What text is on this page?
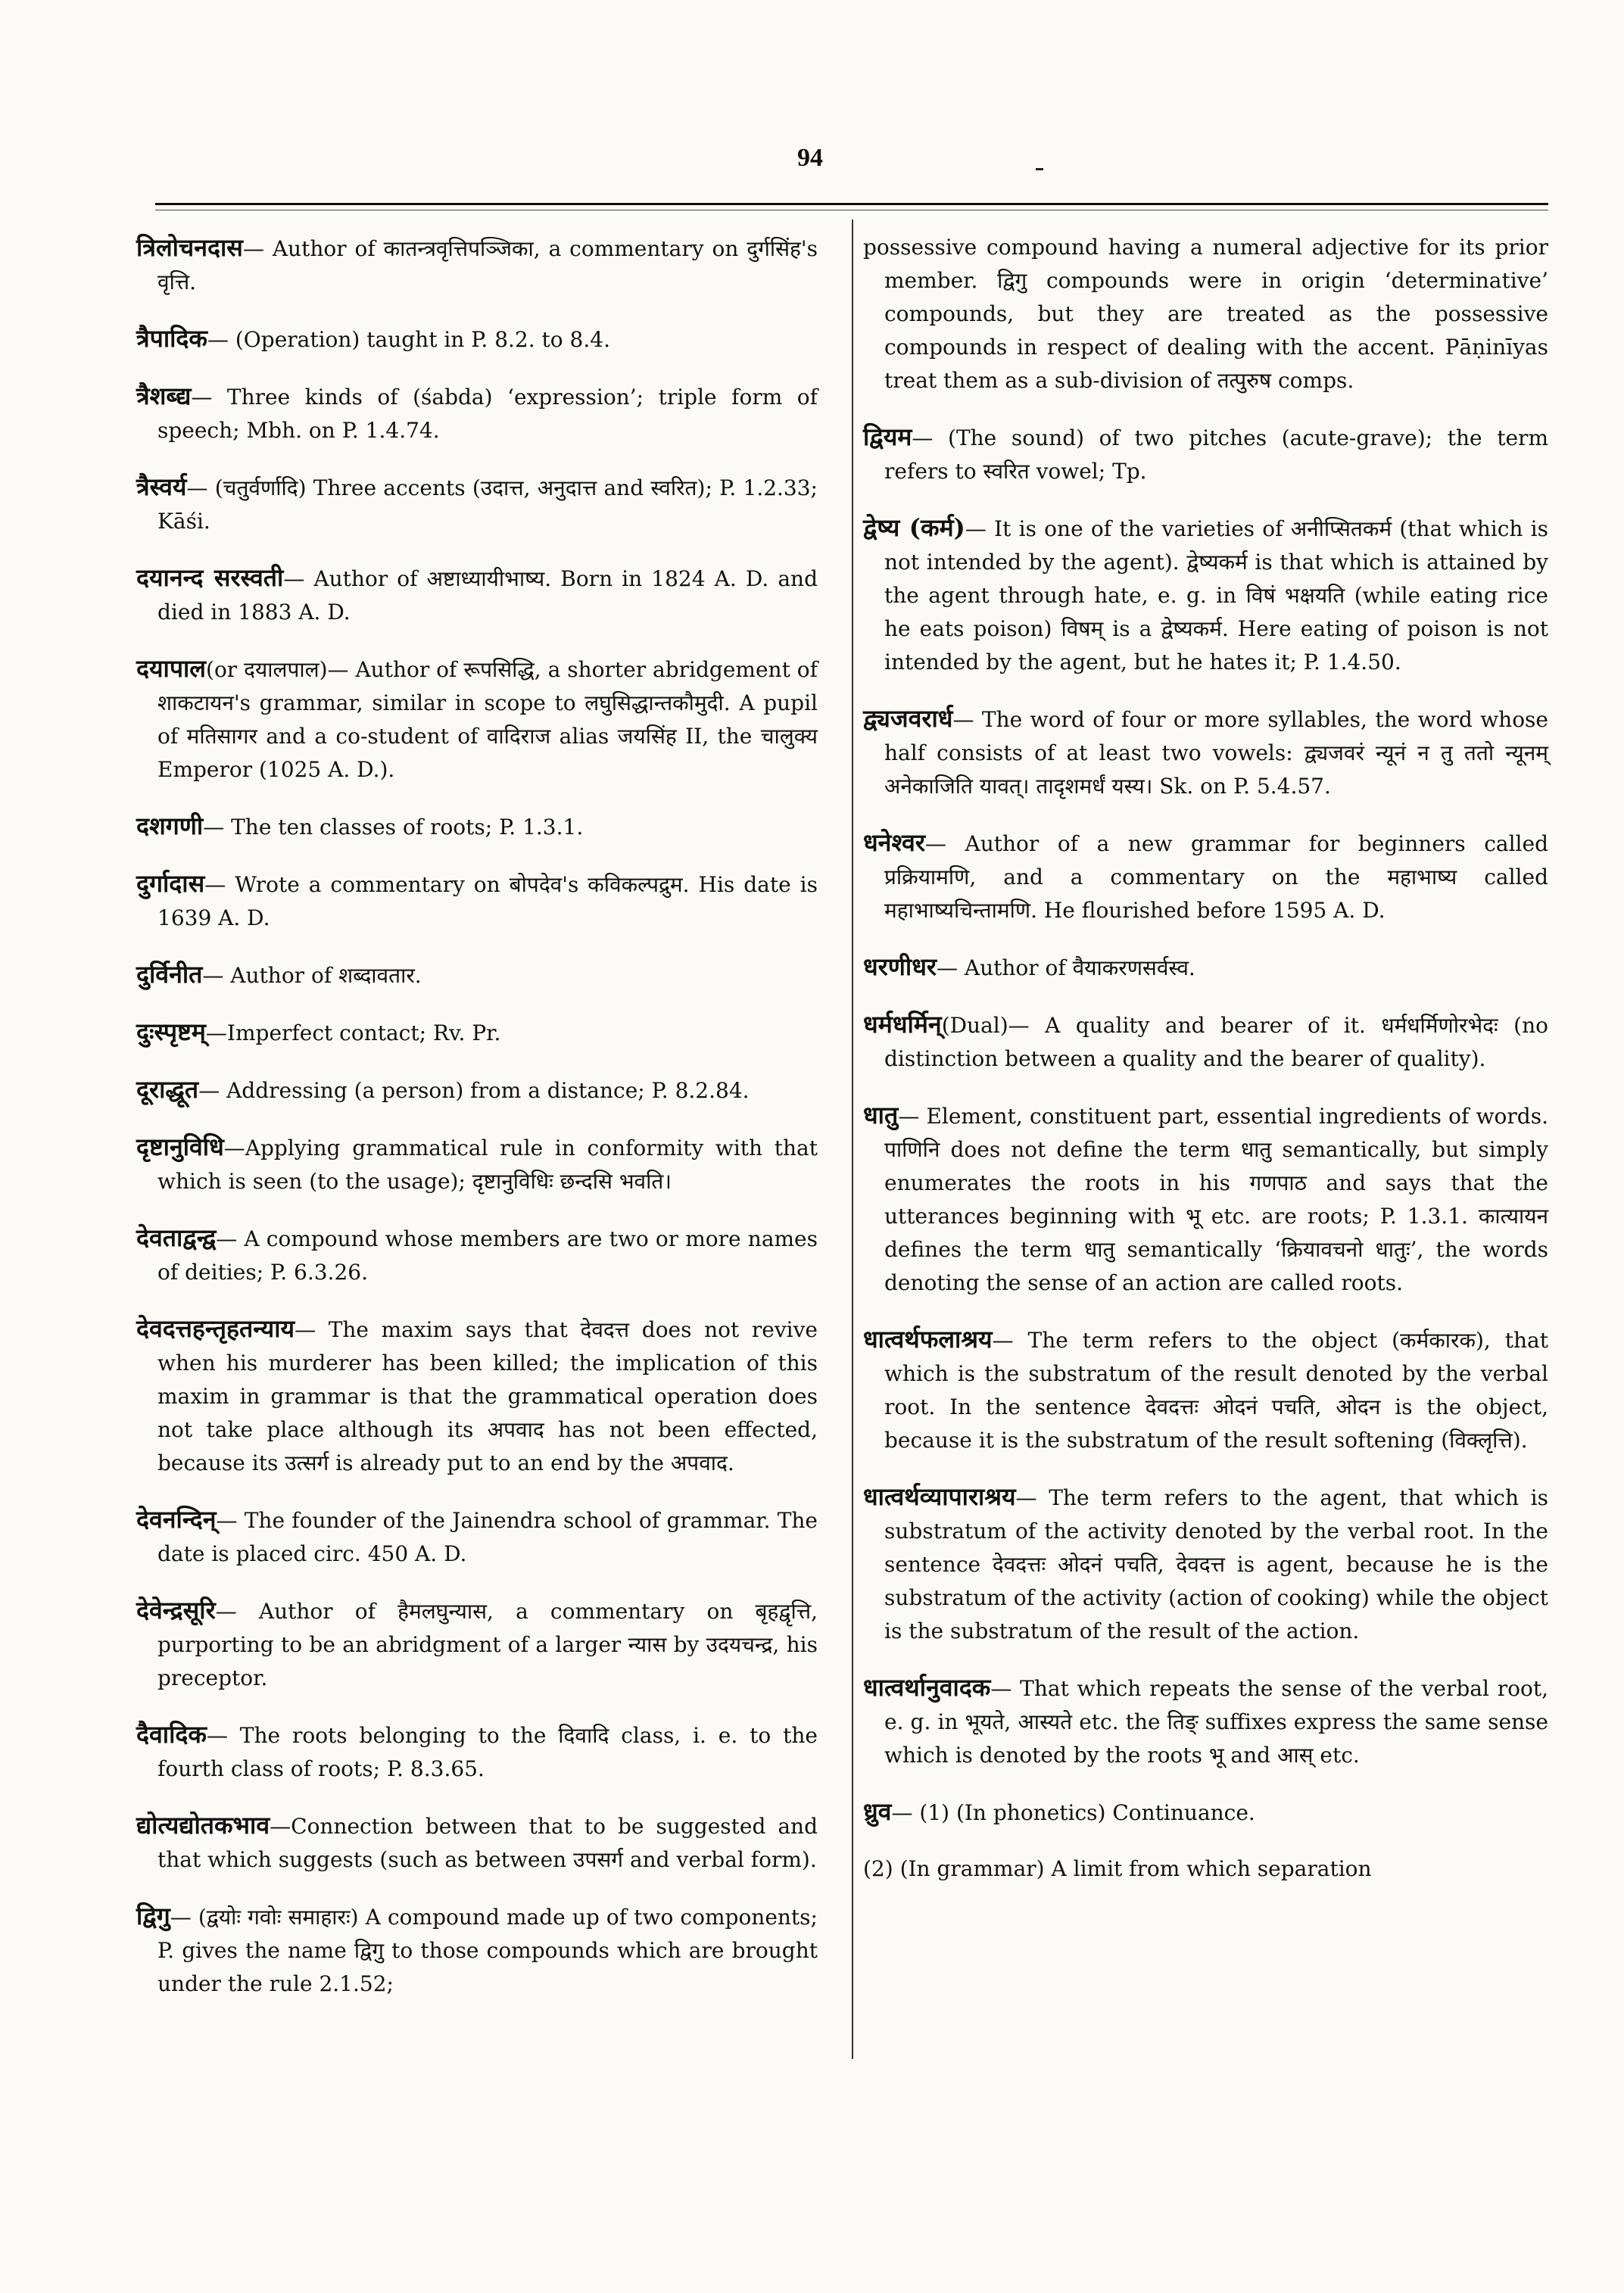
94

त्रिलोचनदास— Author of कातन्त्रवृत्तिपञ्जिका, a commentary on दुर्गसिंह's वृत्ति.

त्रैपादिक— (Operation) taught in P. 8.2. to 8.4.

त्रैशब्द्य— Three kinds of (śabda) ‘expression’; triple form of speech; Mbh. on P. 1.4.74.

त्रैस्वर्य— (चतुर्वर्णादि) Three accents (उदात्त, अनुदात्त and स्वरित); P. 1.2.33; Kāśi.

दयानन्द सरस्वती— Author of अष्टाध्यायीभाष्य. Born in 1824 A. D. and died in 1883 A. D.

दयापाल(or दयालपाल)— Author of रूपसिद्धि, a shorter abridgement of शाकटायन's grammar, similar in scope to लघुसिद्धान्तकौमुदी. A pupil of मतिसागर and a co-student of वादिराज alias जयसिंह II, the चालुक्य Emperor (1025 A. D.).

दशगणी— The ten classes of roots; P. 1.3.1.

दुर्गादास— Wrote a commentary on बोपदेव's कविकल्पद्रुम. His date is 1639 A. D.

दुर्विनीत— Author of शब्दावतार.

दुःस्पृष्टम्—Imperfect contact; Rv. Pr.

दूराद्धूत— Addressing (a person) from a distance; P. 8.2.84.

दृष्टानुविधि—Applying grammatical rule in conformity with that which is seen (to the usage); दृष्टानुविधिः छन्दसि भवति।

देवताद्वन्द्व— A compound whose members are two or more names of deities; P. 6.3.26.

देवदत्तहन्तृहतन्याय— The maxim says that देवदत्त does not revive when his murderer has been killed; the implication of this maxim in grammar is that the grammatical operation does not take place although its अपवाद has not been effected, because its उत्सर्ग is already put to an end by the अपवाद.

देवनन्दिन्— The founder of the Jainendra school of grammar. The date is placed circ. 450 A. D.

देवेन्द्रसूरि— Author of हैमलघुन्यास, a commentary on बृहद्वृत्ति, purporting to be an abridgment of a larger न्यास by उदयचन्द्र, his preceptor.

दैवादिक— The roots belonging to the दिवादि class, i. e. to the fourth class of roots; P. 8.3.65.

द्योत्यद्योतकभाव—Connection between that to be suggested and that which suggests (such as between उपसर्ग and verbal form).

द्विगु— (द्वयोः गवोः समाहारः) A compound made up of two components; P. gives the name द्विगु to those compounds which are brought under the rule 2.1.52;

possessive compound having a numeral adjective for its prior member. द्विगु compounds were in origin ‘determinative’ compounds, but they are treated as the possessive compounds in respect of dealing with the accent. Pāṇinīyas treat them as a sub-division of तत्पुरुष comps.

द्वियम— (The sound) of two pitches (acute-grave); the term refers to स्वरित vowel; Tp.

द्वेष्य (कर्म)— It is one of the varieties of अनीप्सितकर्म (that which is not intended by the agent). द्वेष्यकर्म is that which is attained by the agent through hate, e. g. in विषं भक्षयति (while eating rice he eats poison) विषम् is a द्वेष्यकर्म. Here eating of poison is not intended by the agent, but he hates it; P. 1.4.50.

द्व्यजवरार्ध— The word of four or more syllables, the word whose half consists of at least two vowels: द्व्यजवरं न्यूनं न तु ततो न्यूनम् अनेकाजिति यावत्। तादृशमर्धं यस्य। Sk. on P. 5.4.57.

धनेश्वर— Author of a new grammar for beginners called प्रक्रियामणि, and a commentary on the महाभाष्य called महाभाष्यचिन्तामणि. He flourished before 1595 A. D.

धरणीधर— Author of वैयाकरणसर्वस्व.

धर्मधर्मिन्(Dual)— A quality and bearer of it. धर्मधर्मिणोरभेदः (no distinction between a quality and the bearer of quality).

धातु— Element, constituent part, essential ingredients of words. पाणिनि does not define the term धातु semantically, but simply enumerates the roots in his गणपाठ and says that the utterances beginning with भू etc. are roots; P. 1.3.1. कात्यायन defines the term धातु semantically ‘क्रियावचनो धातुः’, the words denoting the sense of an action are called roots.

धात्वर्थफलाश्रय— The term refers to the object (कर्मकारक), that which is the substratum of the result denoted by the verbal root. In the sentence देवदत्तः ओदनं पचति, ओदन is the object, because it is the substratum of the result softening (विक्लृत्ति).

धात्वर्थव्यापाराश्रय— The term refers to the agent, that which is substratum of the activity denoted by the verbal root. In the sentence देवदत्तः ओदनं पचति, देवदत्त is agent, because he is the substratum of the activity (action of cooking) while the object is the substratum of the result of the action.

धात्वर्थानुवादक— That which repeats the sense of the verbal root, e. g. in भूयते, आस्यते etc. the तिङ् suffixes express the same sense which is denoted by the roots भू and आस् etc.

ध्रुव— (1) (In phonetics) Continuance.

(2) (In grammar) A limit from which separation
